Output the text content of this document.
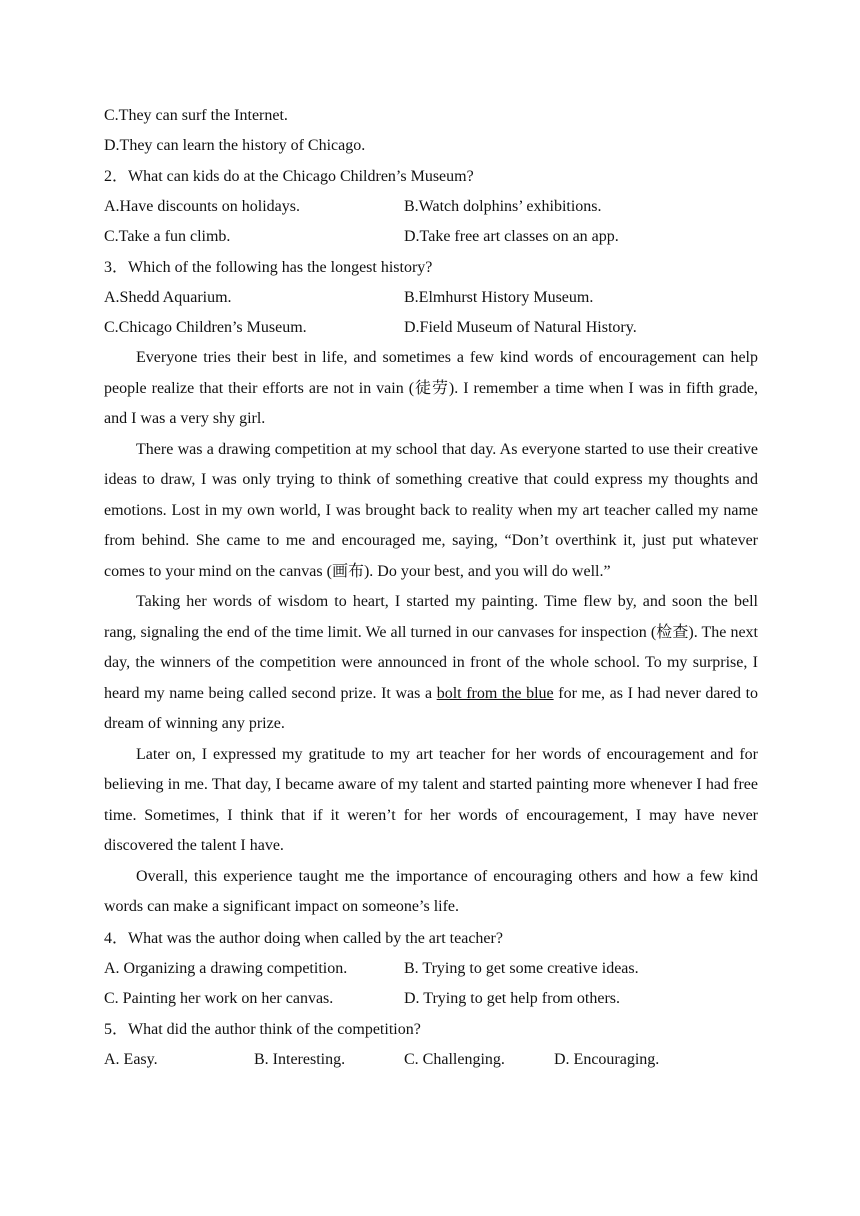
C.They can surf the Internet.
D.They can learn the history of Chicago.
2．What can kids do at the Chicago Children’s Museum?
A.Have discounts on holidays.	B.Watch dolphins’ exhibitions.
C.Take a fun climb.	D.Take free art classes on an app.
3．Which of the following has the longest history?
A.Shedd Aquarium.	B.Elmhurst History Museum.
C.Chicago Children’s Museum.	D.Field Museum of Natural History.

Everyone tries their best in life, and sometimes a few kind words of encouragement can help people realize that their efforts are not in vain (徒劳). I remember a time when I was in fifth grade, and I was a very shy girl.

There was a drawing competition at my school that day. As everyone started to use their creative ideas to draw, I was only trying to think of something creative that could express my thoughts and emotions. Lost in my own world, I was brought back to reality when my art teacher called my name from behind. She came to me and encouraged me, saying, “Don’t overthink it, just put whatever comes to your mind on the canvas (画布). Do your best, and you will do well.”

Taking her words of wisdom to heart, I started my painting. Time flew by, and soon the bell rang, signaling the end of the time limit. We all turned in our canvases for inspection (检查). The next day, the winners of the competition were announced in front of the whole school. To my surprise, I heard my name being called second prize. It was a bolt from the blue for me, as I had never dared to dream of winning any prize.

Later on, I expressed my gratitude to my art teacher for her words of encouragement and for believing in me. That day, I became aware of my talent and started painting more whenever I had free time. Sometimes, I think that if it weren’t for her words of encouragement, I may have never discovered the talent I have.

Overall, this experience taught me the importance of encouraging others and how a few kind words can make a significant impact on someone’s life.

4．What was the author doing when called by the art teacher?
A. Organizing a drawing competition.	B. Trying to get some creative ideas.
C. Painting her work on her canvas.	D. Trying to get help from others.
5．What did the author think of the competition?
A. Easy.	B. Interesting.	C. Challenging.	D. Encouraging.
